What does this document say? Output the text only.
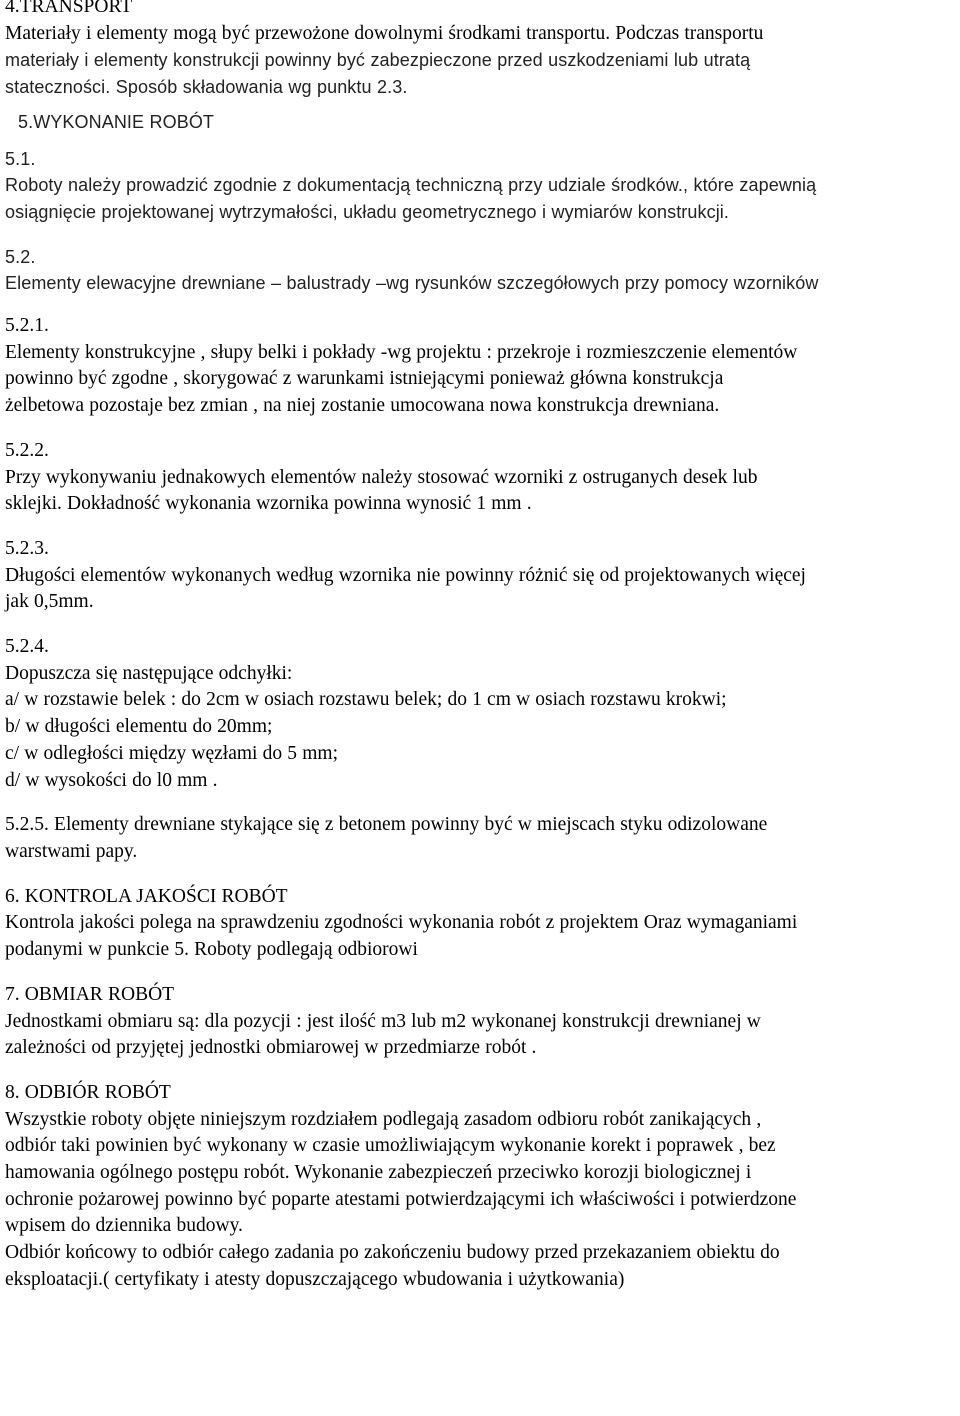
4.TRANSPORT
Materiały i elementy mogą być przewożone dowolnymi środkami transportu. Podczas transportu
materiały i elementy konstrukcji powinny być zabezpieczone przed uszkodzeniami lub utratą
stateczności. Sposób składowania wg punktu 2.3.
5.WYKONANIE ROBÓT
5.1.
Roboty należy prowadzić zgodnie z dokumentacją techniczną przy udziale środków., które zapewnią
osiągnięcie projektowanej wytrzymałości, układu geometrycznego i wymiarów konstrukcji.
5.2.
Elementy elewacyjne drewniane – balustrady –wg rysunków szczegółowych przy pomocy wzorników
5.2.1.
Elementy konstrukcyjne , słupy belki i pokłady -wg projektu : przekroje i rozmieszczenie elementów
powinno być zgodne , skorygować z warunkami istniejącymi ponieważ główna konstrukcja
żelbetowa pozostaje bez zmian , na niej zostanie umocowana nowa konstrukcja drewniana.
5.2.2.
Przy wykonywaniu jednakowych elementów należy stosować wzorniki z ostruganych desek lub
sklejki. Dokładność wykonania wzornika powinna wynosić 1 mm .
5.2.3.
Długości elementów wykonanych według wzornika nie powinny różnić się od projektowanych więcej
jak 0,5mm.
5.2.4.
Dopuszcza się następujące odchyłki:
a/ w rozstawie belek : do 2cm w osiach rozstawu belek; do 1 cm w osiach rozstawu krokwi;
b/ w długości elementu do 20mm;
c/ w odległości między węzłami do 5 mm;
d/ w wysokości do l0 mm .
5.2.5. Elementy drewniane stykające się z betonem powinny być w miejscach styku odizolowane
warstwami papy.
6. KONTROLA JAKOŚCI ROBÓT
Kontrola jakości polega na sprawdzeniu zgodności wykonania robót z projektem Oraz wymaganiami
podanymi w punkcie 5. Roboty podlegają odbiorowi
7. OBMIAR ROBÓT
Jednostkami obmiaru są: dla pozycji : jest ilość m3 lub m2 wykonanej konstrukcji drewnianej w
zależności od przyjętej jednostki obmiarowej w przedmiarze robót .
8. ODBIÓR ROBÓT
Wszystkie roboty objęte niniejszym rozdziałem podlegają zasadom odbioru robót zanikających ,
odbiór taki powinien być wykonany w czasie umożliwiającym wykonanie korekt i poprawek , bez
hamowania ogólnego postępu robót. Wykonanie zabezpieczeń przeciwko korozji biologicznej i
ochronie pożarowej powinno być poparte atestami potwierdzającymi ich właściwości i potwierdzone
wpisem do dziennika budowy.
Odbiór końcowy to odbiór całego zadania po zakończeniu budowy przed przekazaniem obiektu do
eksploatacji.( certyfikaty i atesty dopuszczającego wbudowania i użytkowania)
